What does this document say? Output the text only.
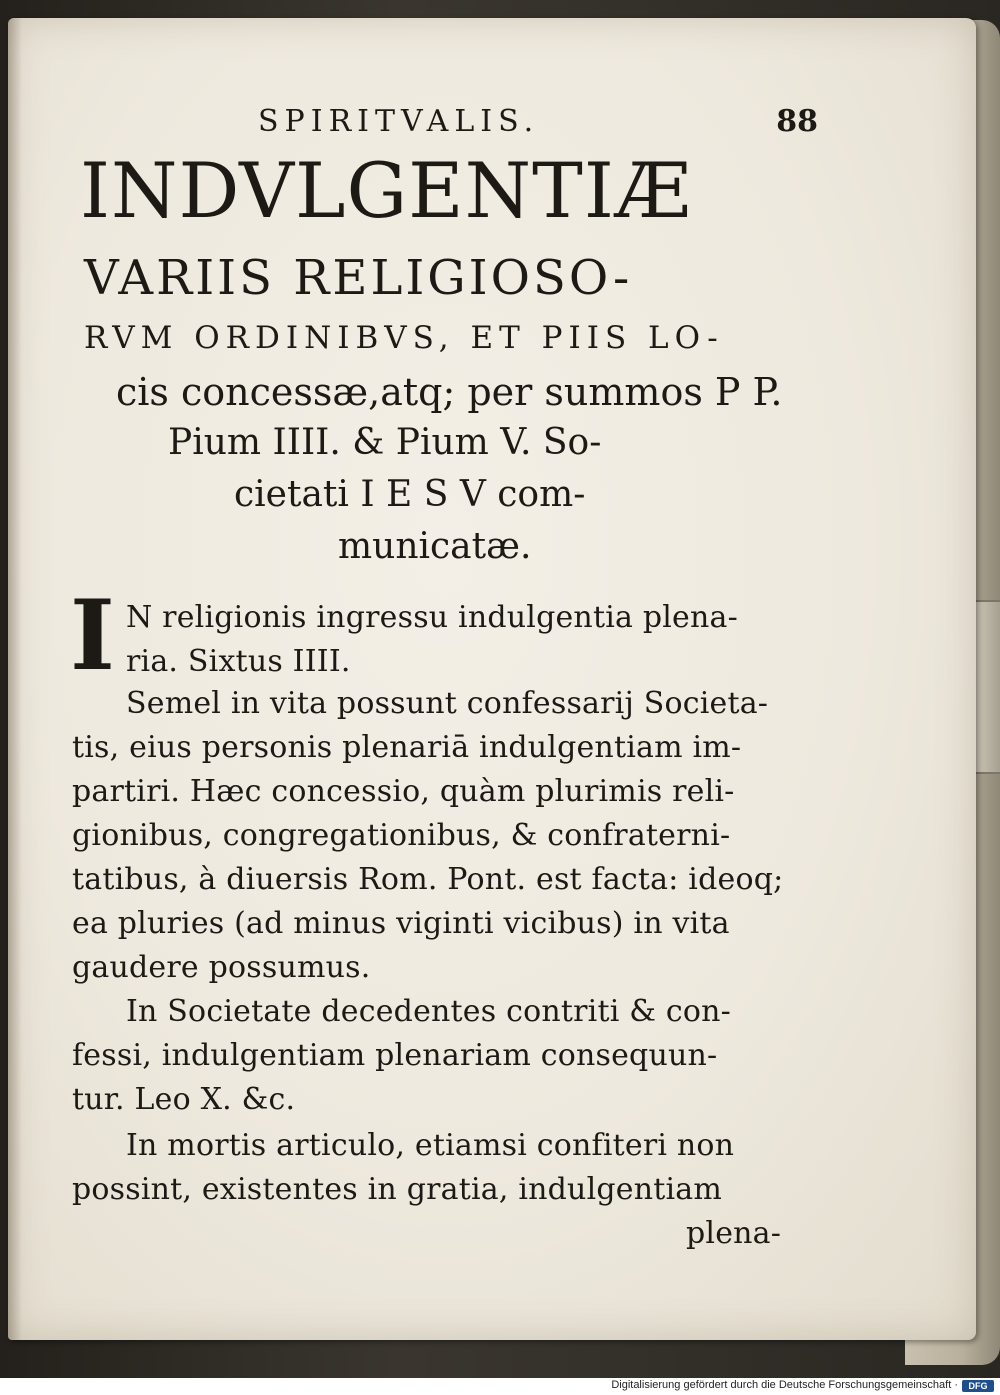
SPIRITVALIS.	88
INDVLGENTIÆ
VARIIS RELIGIOSO-
RVM ORDINIBVS, ET PIIS LO-
cis concessæ,atq; per summos P P.
Pium IIII. & Pium V. So-
cietati I E S V com-
municatæ.
I N religionis ingressu indulgentia plena-
ria. Sixtus IIII.
Semel in vita possunt confessarij Societa-
tis, eius personis plenariā indulgentiam im-
partiri. Hæc concessio, quàm plurimis reli-
gionibus, congregationibus, & confraterni-
tatibus, à diuersis Rom. Pont. est facta: ideoq;
ea pluries (ad minus viginti vicibus) in vita
gaudere possumus.
In Societate decedentes contriti & con-
fessi, indulgentiam plenariam consequun-
tur. Leo X. &c.
In mortis articulo, etiamsi confiteri non
possint, existentes in gratia, indulgentiam
plena-
Digitalisierung gefördert durch die Deutsche Forschungsgemeinschaft ·	DFG
